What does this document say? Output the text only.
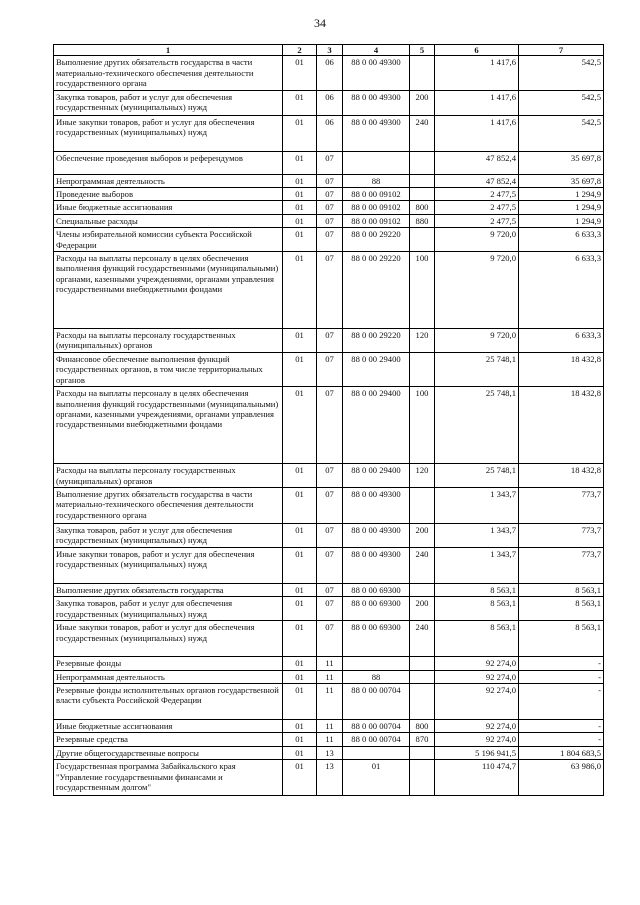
34
1	2	3	4	5	6	7
Выполнение других обязательств государства в части материально-технического обеспечения деятельности государственного органа	01	06	88 0 00 49300		1 417,6	542,5
Закупка товаров, работ и услуг для обеспечения государственных (муниципальных) нужд	01	06	88 0 00 49300	200	1 417,6	542,5
Иные закупки товаров, работ и услуг для обеспечения государственных (муниципальных) нужд	01	06	88 0 00 49300	240	1 417,6	542,5
Обеспечение проведения выборов и референдумов	01	07			47 852,4	35 697,8
Непрограммная деятельность	01	07	88		47 852,4	35 697,8
Проведение выборов	01	07	88 0 00 09102		2 477,5	1 294,9
Иные бюджетные ассигнования	01	07	88 0 00 09102	800	2 477,5	1 294,9
Специальные расходы	01	07	88 0 00 09102	880	2 477,5	1 294,9
Члены избирательной комиссии субъекта Российской Федерации	01	07	88 0 00 29220		9 720,0	6 633,3
Расходы на выплаты персоналу в целях обеспечения выполнения функций государственными (муниципальными) органами, казенными учреждениями, органами управления государственными внебюджетными фондами	01	07	88 0 00 29220	100	9 720,0	6 633,3
Расходы на выплаты персоналу государственных (муниципальных) органов	01	07	88 0 00 29220	120	9 720,0	6 633,3
Финансовое обеспечение выполнения функций государственных органов, в том числе территориальных органов	01	07	88 0 00 29400		25 748,1	18 432,8
Расходы на выплаты персоналу в целях обеспечения выполнения функций государственными (муниципальными) органами, казенными учреждениями, органами управления государственными внебюджетными фондами	01	07	88 0 00 29400	100	25 748,1	18 432,8
Расходы на выплаты персоналу государственных (муниципальных) органов	01	07	88 0 00 29400	120	25 748,1	18 432,8
Выполнение других обязательств государства в части материально-технического обеспечения деятельности государственного органа	01	07	88 0 00 49300		1 343,7	773,7
Закупка товаров, работ и услуг для обеспечения государственных (муниципальных) нужд	01	07	88 0 00 49300	200	1 343,7	773,7
Иные закупки товаров, работ и услуг для обеспечения государственных (муниципальных) нужд	01	07	88 0 00 49300	240	1 343,7	773,7
Выполнение других обязательств государства	01	07	88 0 00 69300		8 563,1	8 563,1
Закупка товаров, работ и услуг для обеспечения государственных (муниципальных) нужд	01	07	88 0 00 69300	200	8 563,1	8 563,1
Иные закупки товаров, работ и услуг для обеспечения государственных (муниципальных) нужд	01	07	88 0 00 69300	240	8 563,1	8 563,1
Резервные фонды	01	11			92 274,0	-
Непрограммная деятельность	01	11	88		92 274,0	-
Резервные фонды исполнительных органов государственной власти субъекта Российской Федерации	01	11	88 0 00 00704		92 274,0	-
Иные бюджетные ассигнования	01	11	88 0 00 00704	800	92 274,0	-
Резервные средства	01	11	88 0 00 00704	870	92 274,0	-
Другие общегосударственные вопросы	01	13			5 196 941,5	1 804 683,5
Государственная программа Забайкальского края "Управление государственными финансами и государственным долгом"	01	13	01		110 474,7	63 986,0
